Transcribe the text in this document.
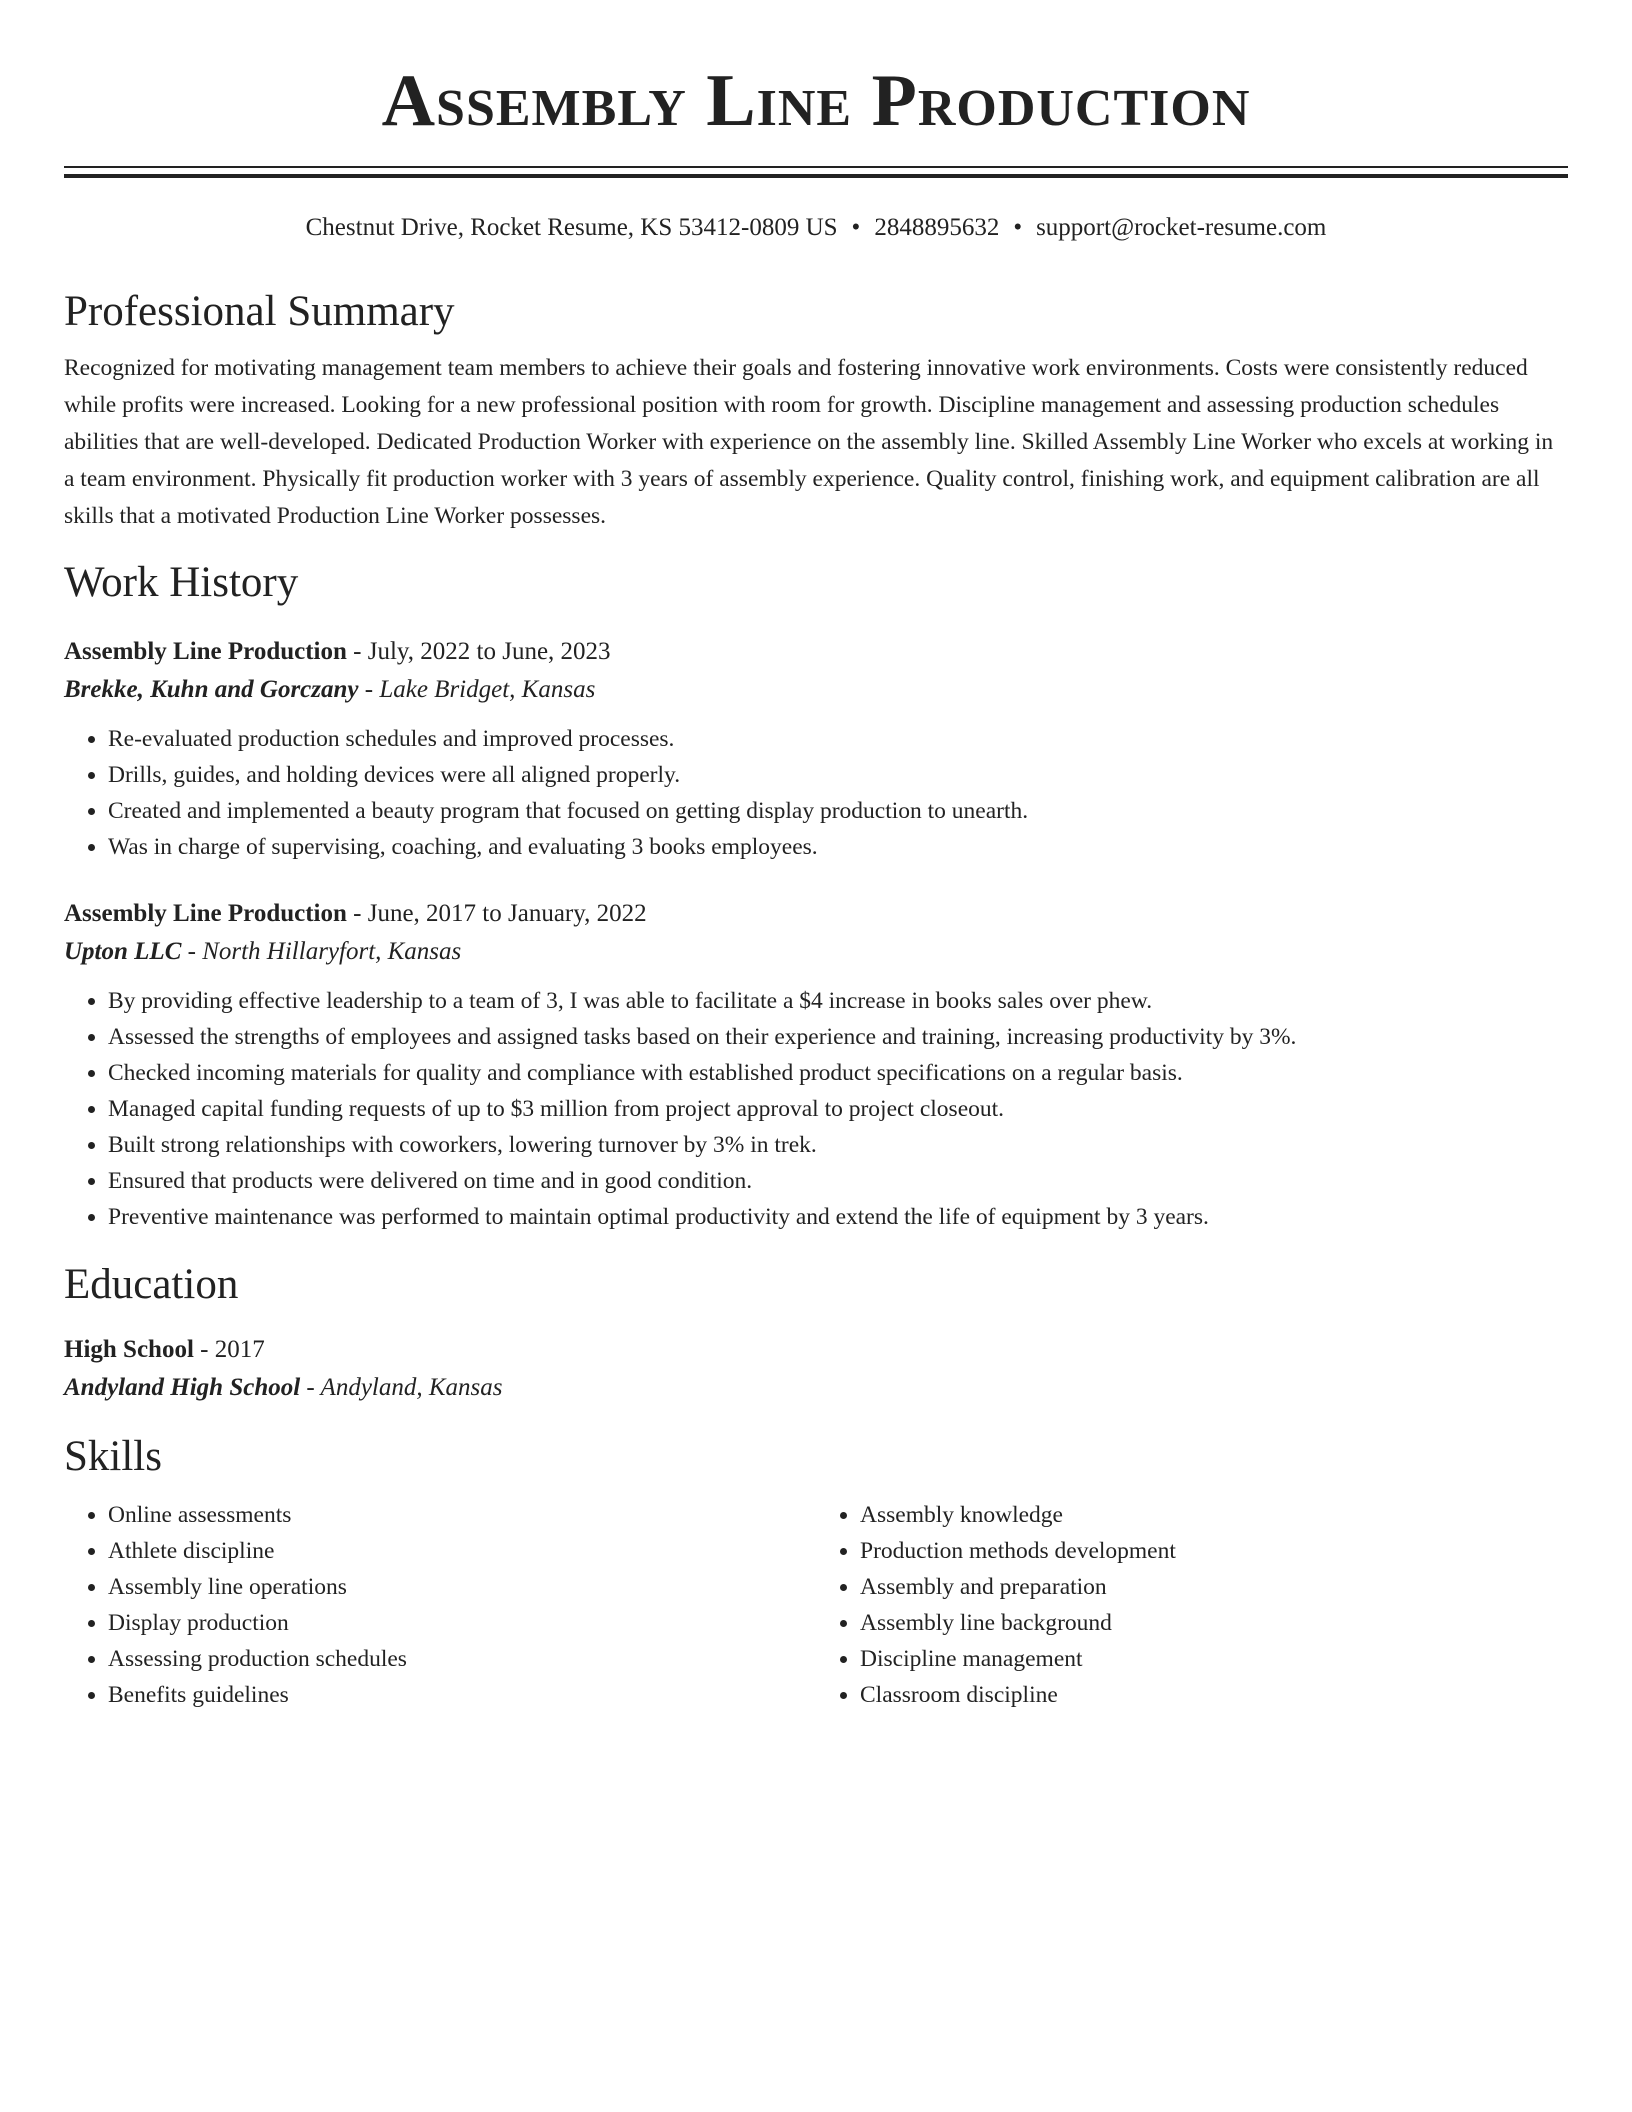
Assembly Line Production
Chestnut Drive, Rocket Resume, KS 53412-0809 US • 2848895632 • support@rocket-resume.com
Professional Summary

Recognized for motivating management team members to achieve their goals and fostering innovative work environments. Costs were consistently reduced while profits were increased. Looking for a new professional position with room for growth. Discipline management and assessing production schedules abilities that are well-developed. Dedicated Production Worker with experience on the assembly line. Skilled Assembly Line Worker who excels at working in a team environment. Physically fit production worker with 3 years of assembly experience. Quality control, finishing work, and equipment calibration are all skills that a motivated Production Line Worker possesses.

Work History
Assembly Line Production - July, 2022 to June, 2023
Brekke, Kuhn and Gorczany - Lake Bridget, Kansas
• Re-evaluated production schedules and improved processes.
• Drills, guides, and holding devices were all aligned properly.
• Created and implemented a beauty program that focused on getting display production to unearth.
• Was in charge of supervising, coaching, and evaluating 3 books employees.
Assembly Line Production - June, 2017 to January, 2022
Upton LLC - North Hillaryfort, Kansas
• By providing effective leadership to a team of 3, I was able to facilitate a $4 increase in books sales over phew.
• Assessed the strengths of employees and assigned tasks based on their experience and training, increasing productivity by 3%.
• Checked incoming materials for quality and compliance with established product specifications on a regular basis.
• Managed capital funding requests of up to $3 million from project approval to project closeout.
• Built strong relationships with coworkers, lowering turnover by 3% in trek.
• Ensured that products were delivered on time and in good condition.
• Preventive maintenance was performed to maintain optimal productivity and extend the life of equipment by 3 years.
Education
High School - 2017
Andyland High School - Andyland, Kansas
Skills
• Online assessments
• Athlete discipline
• Assembly line operations
• Display production
• Assessing production schedules
• Benefits guidelines
• Assembly knowledge
• Production methods development
• Assembly and preparation
• Assembly line background
• Discipline management
• Classroom discipline
